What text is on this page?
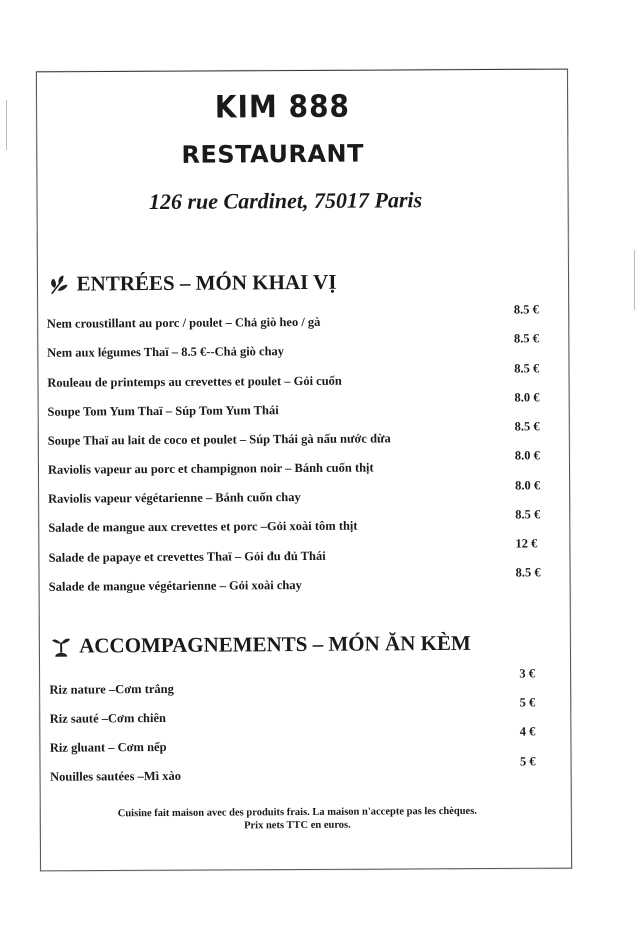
KIM 888
RESTAURANT
126 rue Cardinet, 75017 Paris
ENTRÉES – MÓN KHAI VỊ
Nem croustillant au porc / poulet – Chả giò heo / gà
8.5 €
Nem aux légumes Thaï – 8.5 €--Chả giò chay
8.5 €
Rouleau de printemps au crevettes et poulet – Gỏi cuốn
8.5 €
Soupe Tom Yum Thaï – Súp Tom Yum Thái
8.0 €
Soupe Thaï au lait de coco et poulet – Súp Thái gà nấu nước dừa
8.5 €
Raviolis vapeur au porc et champignon noir – Bánh cuốn thịt
8.0 €
Raviolis vapeur végétarienne – Bánh cuốn chay
8.0 €
Salade de mangue aux crevettes et porc –Gỏi xoài tôm thịt
8.5 €
Salade de papaye et crevettes Thaï – Gỏi đu đủ Thái
12 €
Salade de mangue végétarienne – Gỏi xoài chay
8.5 €
ACCOMPAGNEMENTS – MÓN ĂN KÈM
Riz nature –Cơm trắng
3 €
Riz sauté –Cơm chiên
5 €
Riz gluant – Cơm nếp
4 €
Nouilles sautées –Mì xào
5 €
Cuisine fait maison avec des produits frais. La maison n'accepte pas les chèques.
Prix nets TTC en euros.
